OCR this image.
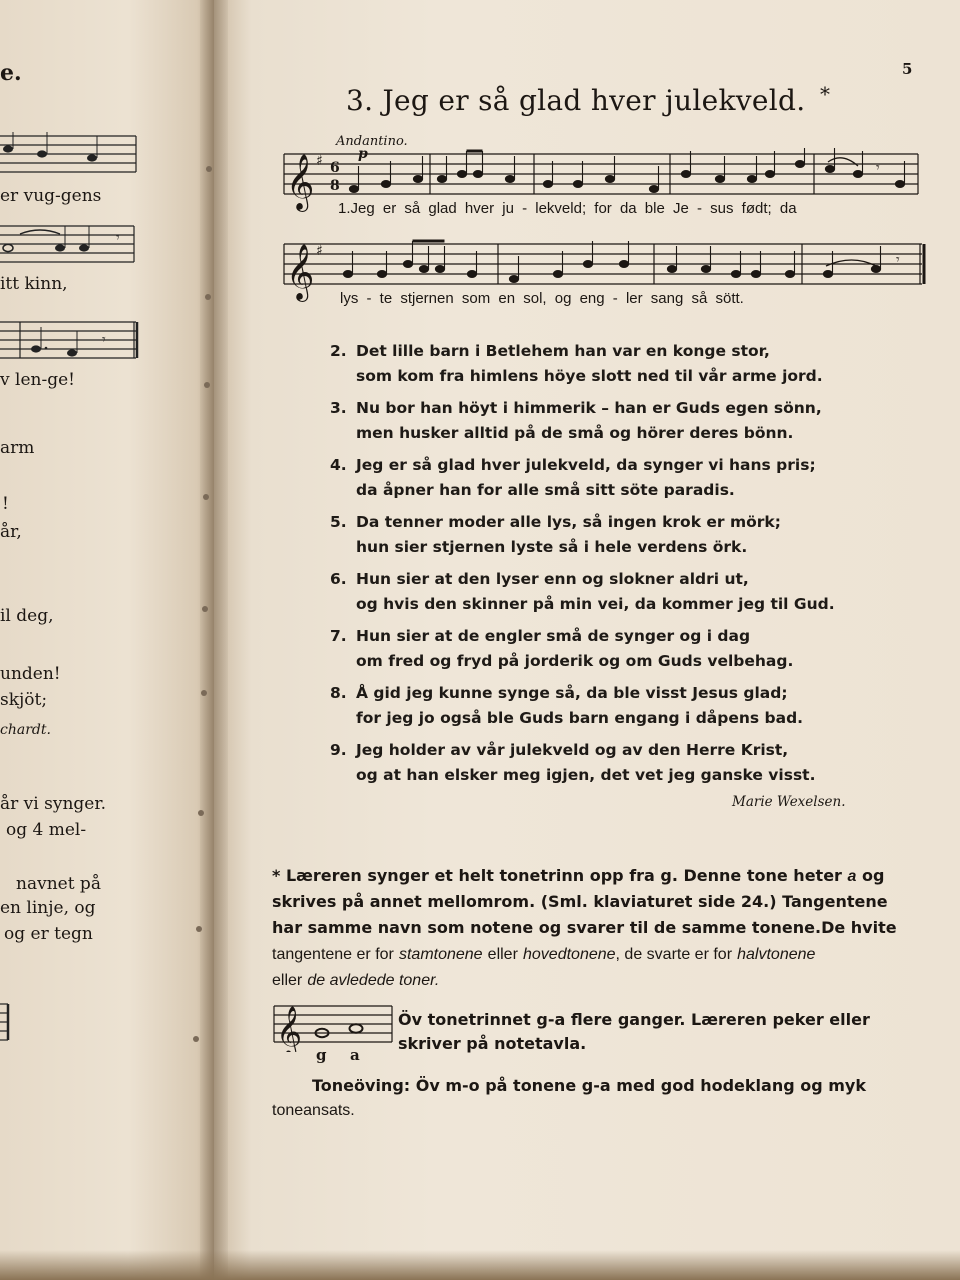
e.
er vug-gens
𝄾
itt kinn,
𝄾
v len-ge!
arm
!
år,
il deg,
unden!
skjöt;
chardt.
år vi synger.
og 4 mel-
navnet på
en linje, og
og er tegn
5
3. Jeg er så glad hver julekveld. *
Andantino.
p
𝄞 ♯ 6
8
𝄾
1.Jeg er så glad hver ju - lekveld; for da ble Je - sus født; da
𝄞 ♯
𝄾
lys - te stjernen som en sol, og eng - ler sang så sött.
2. Det lille barn i Betlehem han var en konge stor,
som kom fra himlens höye slott ned til vår arme jord.
3. Nu bor han höyt i himmerik – han er Guds egen sönn,
men husker alltid på de små og hörer deres bönn.
4. Jeg er så glad hver julekveld, da synger vi hans pris;
da åpner han for alle små sitt söte paradis.
5. Da tenner moder alle lys, så ingen krok er mörk;
hun sier stjernen lyste så i hele verdens örk.
6. Hun sier at den lyser enn og slokner aldri ut,
og hvis den skinner på min vei, da kommer jeg til Gud.
7. Hun sier at de engler små de synger og i dag
om fred og fryd på jorderik og om Guds velbehag.
8. Å gid jeg kunne synge så, da ble visst Jesus glad;
for jeg jo også ble Guds barn engang i dåpens bad.
9. Jeg holder av vår julekveld og av den Herre Krist,
og at han elsker meg igjen, det vet jeg ganske visst.
Marie Wexelsen.
* Læreren synger et helt tonetrinn opp fra g. Denne tone heter a og
skrives på annet mellomrom. (Sml. klaviaturet side 24.) Tangentene
har samme navn som notene og svarer til de samme tonene.De hvite
tangentene er for stamtonene eller hovedtonene, de svarte er for halvtonene
eller de avledede toner.
𝄞 g a
Öv tonetrinnet g-a flere ganger. Læreren peker eller
skriver på notetavla.
Toneöving: Öv m-o på tonene g-a med god hodeklang og myk
toneansats.
